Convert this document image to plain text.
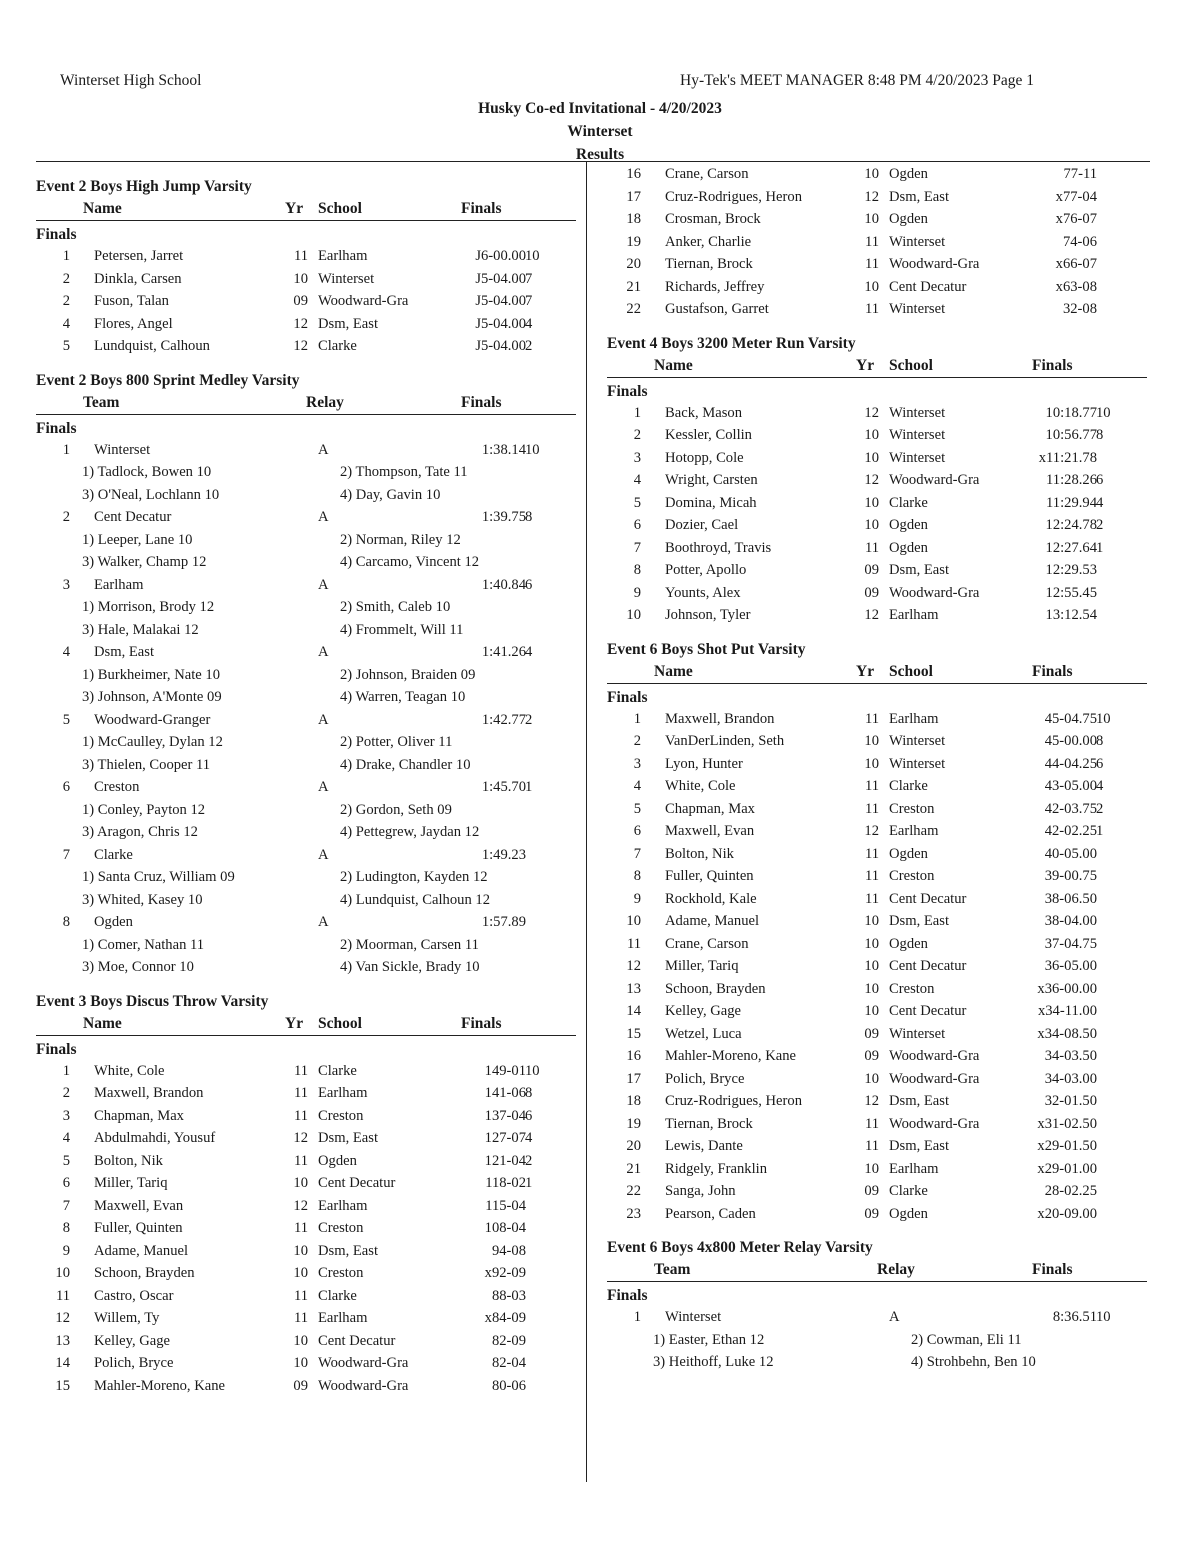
Winterset High School	Hy-Tek's MEET MANAGER 8:48 PM 4/20/2023 Page 1
Husky Co-ed Invitational - 4/20/2023
Winterset
Results
Event 2 Boys High Jump Varsity
Name	Yr School	Finals
Finals
1 Petersen, Jarret	11 Earlham	J6-00.00 10
2 Dinkla, Carsen	10 Winterset	J5-04.00 7
2 Fuson, Talan	09 Woodward-Gra	J5-04.00 7
4 Flores, Angel	12 Dsm, East	J5-04.00 4
5 Lundquist, Calhoun	12 Clarke	J5-04.00 2
Event 2 Boys 800 Sprint Medley Varsity
Team	Relay	Finals
Finals
1 Winterset	A	1:38.14 10
1) Tadlock, Bowen 10	2) Thompson, Tate 11
3) O'Neal, Lochlann 10	4) Day, Gavin 10
2 Cent Decatur	A	1:39.75 8
1) Leeper, Lane 10	2) Norman, Riley 12
3) Walker, Champ 12	4) Carcamo, Vincent 12
3 Earlham	A	1:40.84 6
1) Morrison, Brody 12	2) Smith, Caleb 10
3) Hale, Malakai 12	4) Frommelt, Will 11
4 Dsm, East	A	1:41.26 4
1) Burkheimer, Nate 10	2) Johnson, Braiden 09
3) Johnson, A'Monte 09	4) Warren, Teagan 10
5 Woodward-Granger	A	1:42.77 2
1) McCaulley, Dylan 12	2) Potter, Oliver 11
3) Thielen, Cooper 11	4) Drake, Chandler 10
6 Creston	A	1:45.70 1
1) Conley, Payton 12	2) Gordon, Seth 09
3) Aragon, Chris 12	4) Pettegrew, Jaydan 12
7 Clarke	A	1:49.23
1) Santa Cruz, William 09	2) Ludington, Kayden 12
3) Whited, Kasey 10	4) Lundquist, Calhoun 12
8 Ogden	A	1:57.89
1) Comer, Nathan 11	2) Moorman, Carsen 11
3) Moe, Connor 10	4) Van Sickle, Brady 10
Event 3 Boys Discus Throw Varsity
Name	Yr School	Finals
Finals
1 White, Cole	11 Clarke	149-01 10
2 Maxwell, Brandon	11 Earlham	141-06 8
3 Chapman, Max	11 Creston	137-04 6
4 Abdulmahdi, Yousuf	12 Dsm, East	127-07 4
5 Bolton, Nik	11 Ogden	121-04 2
6 Miller, Tariq	10 Cent Decatur	118-02 1
7 Maxwell, Evan	12 Earlham	115-04
8 Fuller, Quinten	11 Creston	108-04
9 Adame, Manuel	10 Dsm, East	94-08
10 Schoon, Brayden	10 Creston	x92-09
11 Castro, Oscar	11 Clarke	88-03
12 Willem, Ty	11 Earlham	x84-09
13 Kelley, Gage	10 Cent Decatur	82-09
14 Polich, Bryce	10 Woodward-Gra	82-04
15 Mahler-Moreno, Kane	09 Woodward-Gra	80-06
16 Crane, Carson	10 Ogden	77-11
17 Cruz-Rodrigues, Heron	12 Dsm, East	x77-04
18 Crosman, Brock	10 Ogden	x76-07
19 Anker, Charlie	11 Winterset	74-06
20 Tiernan, Brock	11 Woodward-Gra	x66-07
21 Richards, Jeffrey	10 Cent Decatur	x63-08
22 Gustafson, Garret	11 Winterset	32-08
Event 4 Boys 3200 Meter Run Varsity
Name	Yr School	Finals
Finals
1 Back, Mason	12 Winterset	10:18.77 10
2 Kessler, Collin	10 Winterset	10:56.77 8
3 Hotopp, Cole	10 Winterset	x11:21.78
4 Wright, Carsten	12 Woodward-Gra	11:28.26 6
5 Domina, Micah	10 Clarke	11:29.94 4
6 Dozier, Cael	10 Ogden	12:24.78 2
7 Boothroyd, Travis	11 Ogden	12:27.64 1
8 Potter, Apollo	09 Dsm, East	12:29.53
9 Younts, Alex	09 Woodward-Gra	12:55.45
10 Johnson, Tyler	12 Earlham	13:12.54
Event 6 Boys Shot Put Varsity
Name	Yr School	Finals
Finals
1 Maxwell, Brandon	11 Earlham	45-04.75 10
2 VanDerLinden, Seth	10 Winterset	45-00.00 8
3 Lyon, Hunter	10 Winterset	44-04.25 6
4 White, Cole	11 Clarke	43-05.00 4
5 Chapman, Max	11 Creston	42-03.75 2
6 Maxwell, Evan	12 Earlham	42-02.25 1
7 Bolton, Nik	11 Ogden	40-05.00
8 Fuller, Quinten	11 Creston	39-00.75
9 Rockhold, Kale	11 Cent Decatur	38-06.50
10 Adame, Manuel	10 Dsm, East	38-04.00
11 Crane, Carson	10 Ogden	37-04.75
12 Miller, Tariq	10 Cent Decatur	36-05.00
13 Schoon, Brayden	10 Creston	x36-00.00
14 Kelley, Gage	10 Cent Decatur	x34-11.00
15 Wetzel, Luca	09 Winterset	x34-08.50
16 Mahler-Moreno, Kane	09 Woodward-Gra	34-03.50
17 Polich, Bryce	10 Woodward-Gra	34-03.00
18 Cruz-Rodrigues, Heron	12 Dsm, East	32-01.50
19 Tiernan, Brock	11 Woodward-Gra	x31-02.50
20 Lewis, Dante	11 Dsm, East	x29-01.50
21 Ridgely, Franklin	10 Earlham	x29-01.00
22 Sanga, John	09 Clarke	28-02.25
23 Pearson, Caden	09 Ogden	x20-09.00
Event 6 Boys 4x800 Meter Relay Varsity
Team	Relay	Finals
Finals
1 Winterset	A	8:36.51 10
1) Easter, Ethan 12	2) Cowman, Eli 11
3) Heithoff, Luke 12	4) Strohbehn, Ben 10
